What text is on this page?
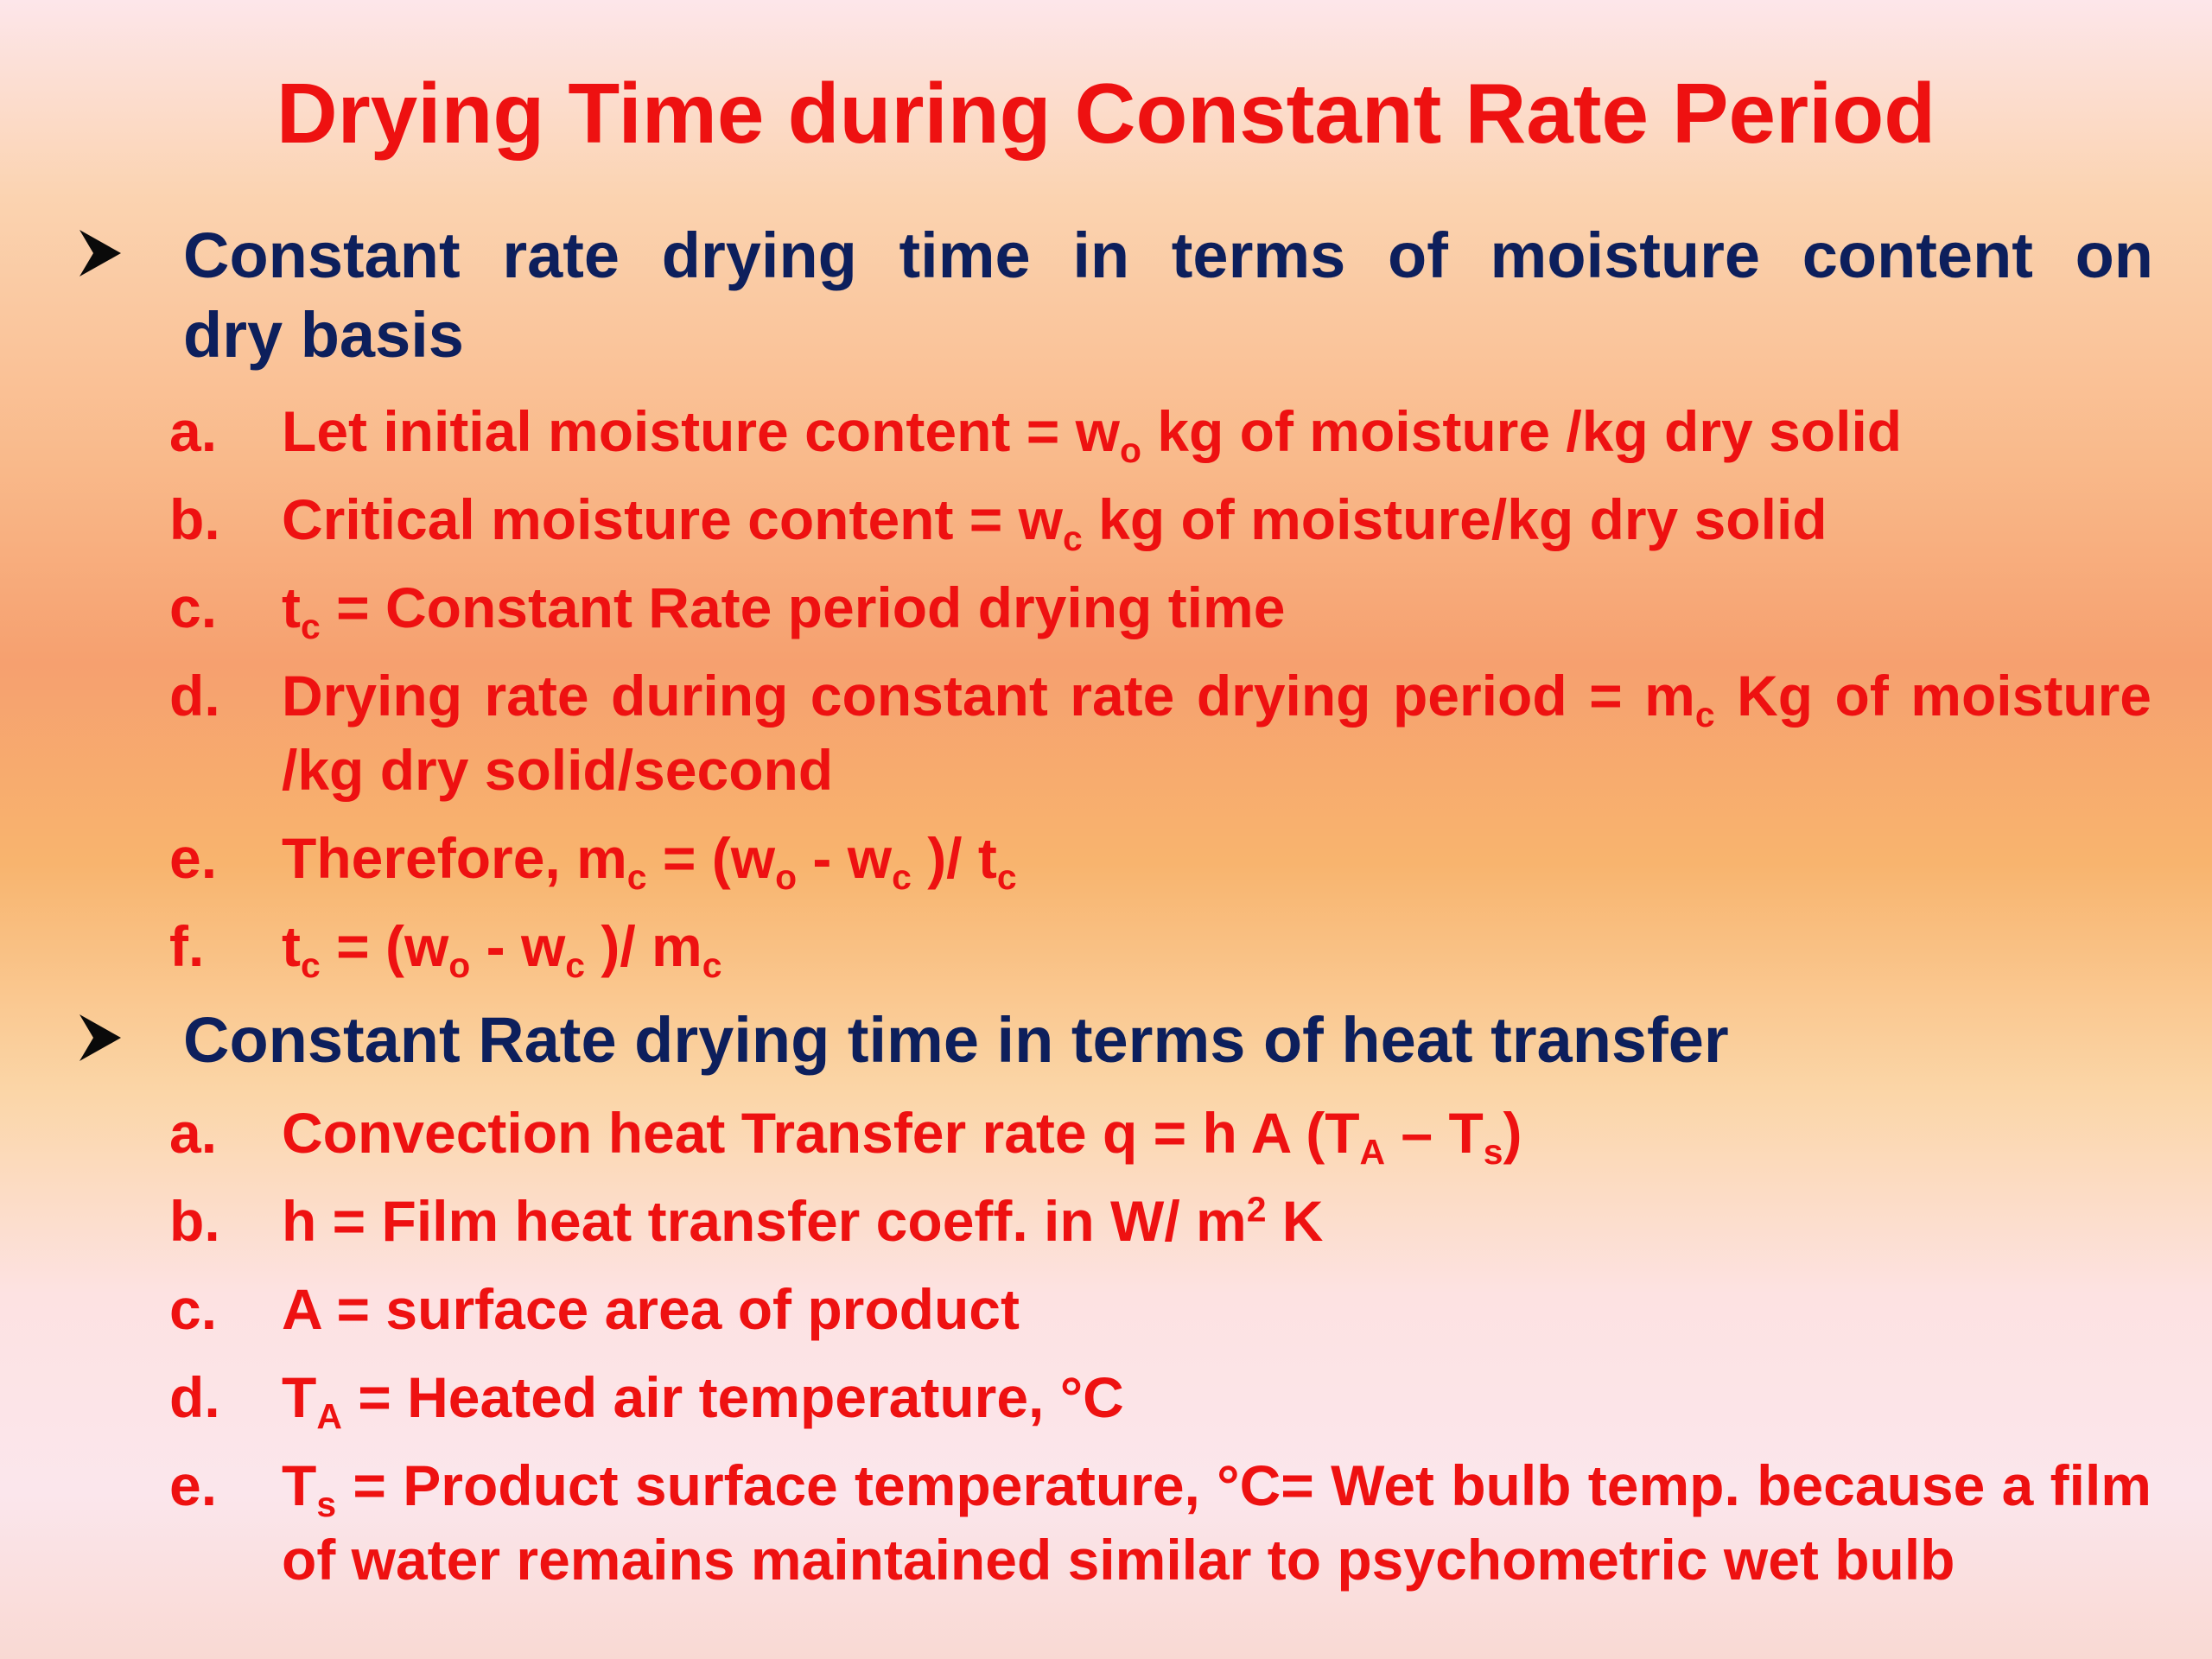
Drying Time during Constant Rate Period

Constant rate drying time in terms of moisture content on

dry basis

a.	Let initial moisture content = $w_o$ kg of moisture /kg dry solid
b.	Critical moisture content = $w_c$ kg of moisture/kg dry solid
c.	$t_c$ = Constant Rate period drying time
d.	Drying rate during constant rate drying period = $m_c$ Kg of moisture /kg dry solid/second
e.	Therefore, $m_c = (w_o - w_c$ )/ $t_c$
f.	$t_c = (w_o - w_c$ )/ $m_c$

Constant Rate drying time in terms of heat transfer

a.	Convection heat Transfer rate q = h A $(T_A - T_s)$
b.	h = Film heat transfer coeff. in W/ $m^2$ K
c.	A = surface area of product
d.	$T_A$ = Heated air temperature, °C
e.	$T_s$ = Product surface temperature, °C= Wet bulb temp. because a film of water remains maintained similar to psychometric wet bulb
